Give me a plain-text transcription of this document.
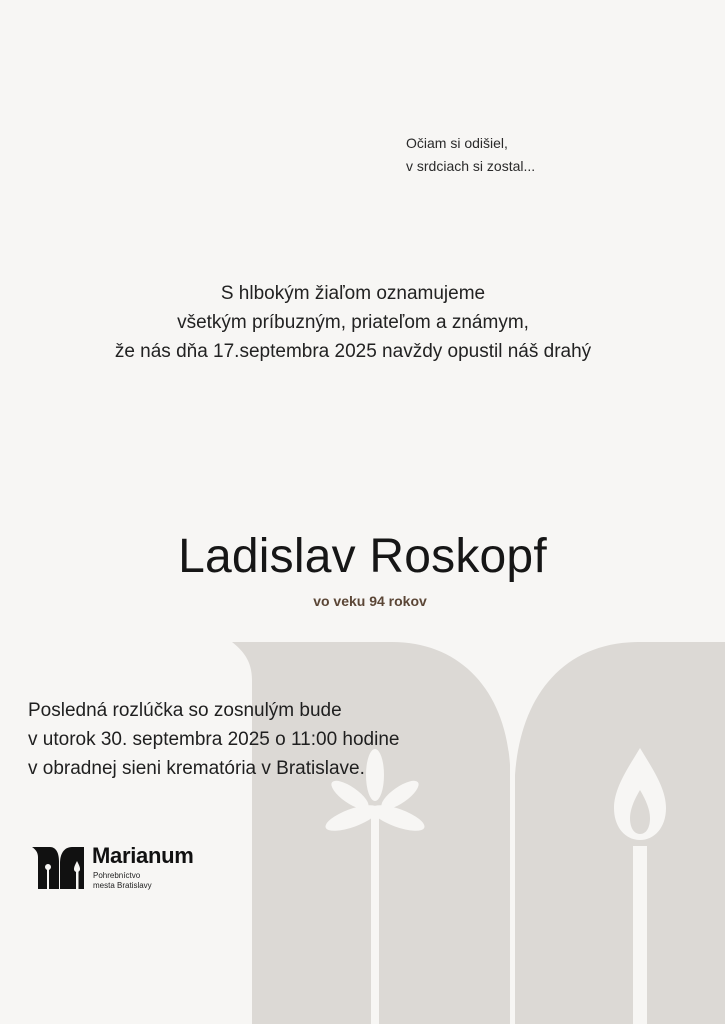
Očiam si odišiel,
v srdciach si zostal...
S hlbokým žiaľom oznamujeme
všetkým príbuzným, priateľom a známym,
že nás dňa 17.septembra 2025 navždy opustil náš drahý
Ladislav Roskopf
vo veku 94 rokov
Posledná rozlúčka so zosnulým bude
v utorok 30. septembra 2025 o 11:00 hodine
v obradnej sieni krematória v Bratislave.
Marianum
Pohrebníctvo
mesta Bratislavy
